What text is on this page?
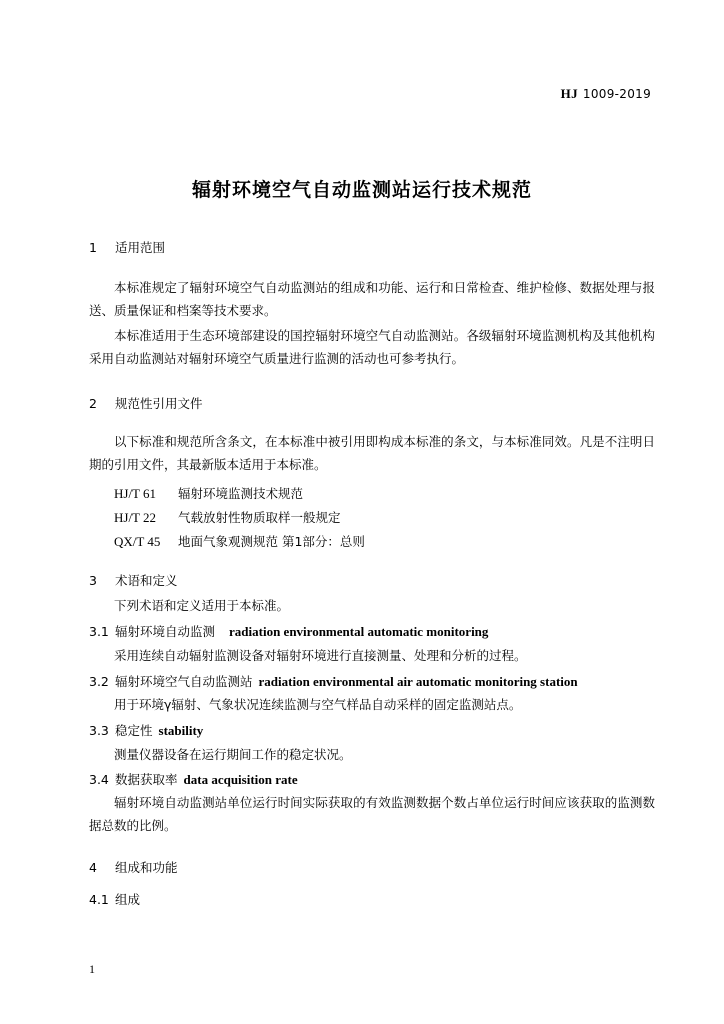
HJ 1009-2019
辐射环境空气自动监测站运行技术规范
1 适用范围

本标准规定了辐射环境空气自动监测站的组成和功能、运行和日常检查、维护检修、数据处理与报送、质量保证和档案等技术要求。

本标准适用于生态环境部建设的国控辐射环境空气自动监测站。各级辐射环境监测机构及其他机构采用自动监测站对辐射环境空气质量进行监测的活动也可参考执行。

2 规范性引用文件

以下标准和规范所含条文，在本标准中被引用即构成本标准的条文，与本标准同效。凡是不注明日期的引用文件，其最新版本适用于本标准。

HJ/T 61 辐射环境监测技术规范
HJ/T 22 气载放射性物质取样一般规定
QX/T 45 地面气象观测规范 第1部分：总则
3 术语和定义
下列术语和定义适用于本标准。
3.1 辐射环境自动监测 radiation environmental automatic monitoring
采用连续自动辐射监测设备对辐射环境进行直接测量、处理和分析的过程。
3.2 辐射环境空气自动监测站 radiation environmental air automatic monitoring station
用于环境γ辐射、气象状况连续监测与空气样品自动采样的固定监测站点。
3.3 稳定性 stability
测量仪器设备在运行期间工作的稳定状况。
3.4 数据获取率 data acquisition rate

辐射环境自动监测站单位运行时间实际获取的有效监测数据个数占单位运行时间应该获取的监测数据总数的比例。

4 组成和功能
4.1 组成
1
